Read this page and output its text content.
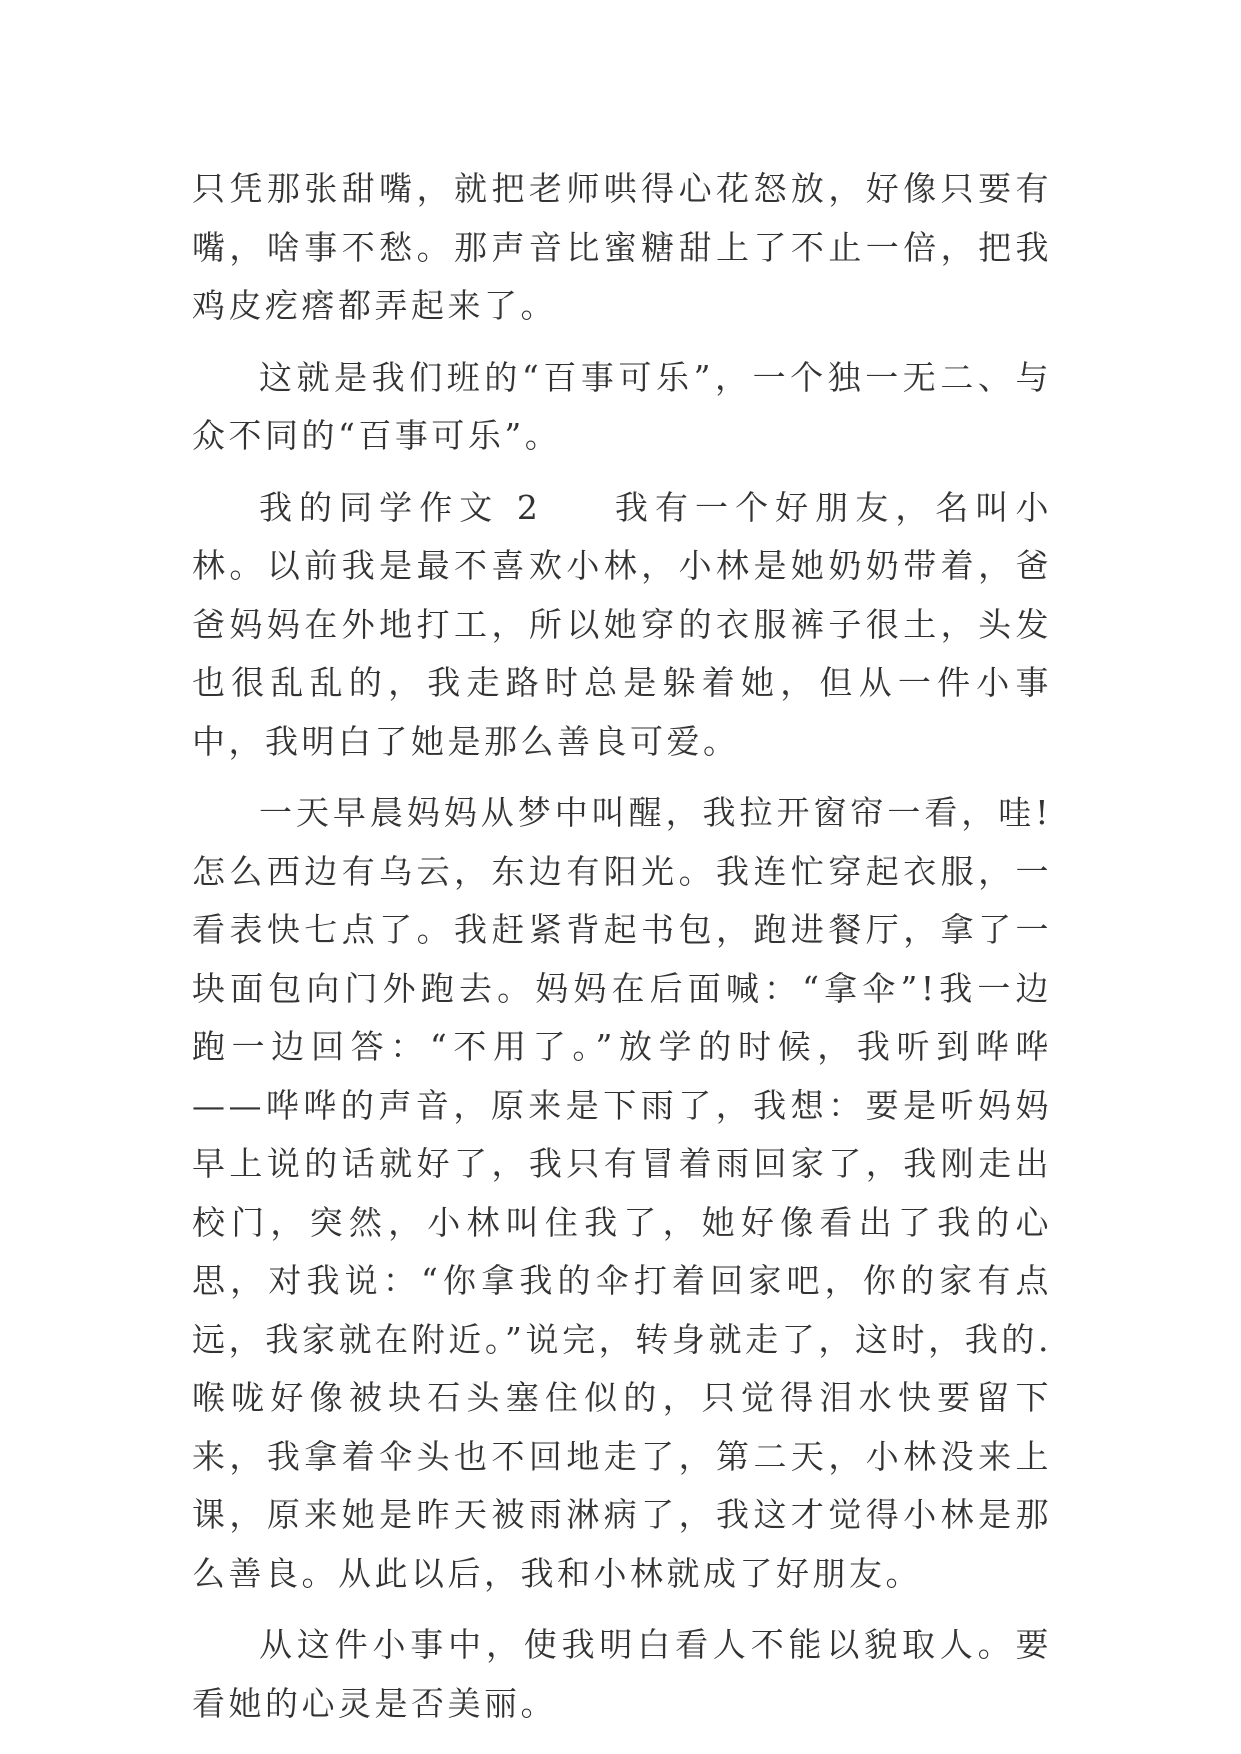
只凭那张甜嘴，就把老师哄得心花怒放，好像只要有嘴，啥事不愁。那声音比蜜糖甜上了不止一倍，把我鸡皮疙瘩都弄起来了。

这就是我们班的“百事可乐”，一个独一无二、与众不同的“百事可乐”。

我的同学作文 2 我有一个好朋友，名叫小林。以前我是最不喜欢小林，小林是她奶奶带着，爸爸妈妈在外地打工，所以她穿的衣服裤子很土，头发也很乱乱的，我走路时总是躲着她，但从一件小事中，我明白了她是那么善良可爱。

一天早晨妈妈从梦中叫醒，我拉开窗帘一看，哇!怎么西边有乌云，东边有阳光。我连忙穿起衣服，一看表快七点了。我赶紧背起书包，跑进餐厅，拿了一块面包向门外跑去。妈妈在后面喊：“拿伞”!我一边跑一边回答：“不用了。”放学的时候，我听到哗哗——哗哗的声音，原来是下雨了，我想：要是听妈妈早上说的话就好了，我只有冒着雨回家了，我刚走出校门，突然，小林叫住我了，她好像看出了我的心思，对我说：“你拿我的伞打着回家吧，你的家有点远，我家就在附近。”说完，转身就走了，这时，我的.喉咙好像被块石头塞住似的，只觉得泪水快要留下来，我拿着伞头也不回地走了，第二天，小林没来上课，原来她是昨天被雨淋病了，我这才觉得小林是那么善良。从此以后，我和小林就成了好朋友。

从这件小事中，使我明白看人不能以貌取人。要看她的心灵是否美丽。
